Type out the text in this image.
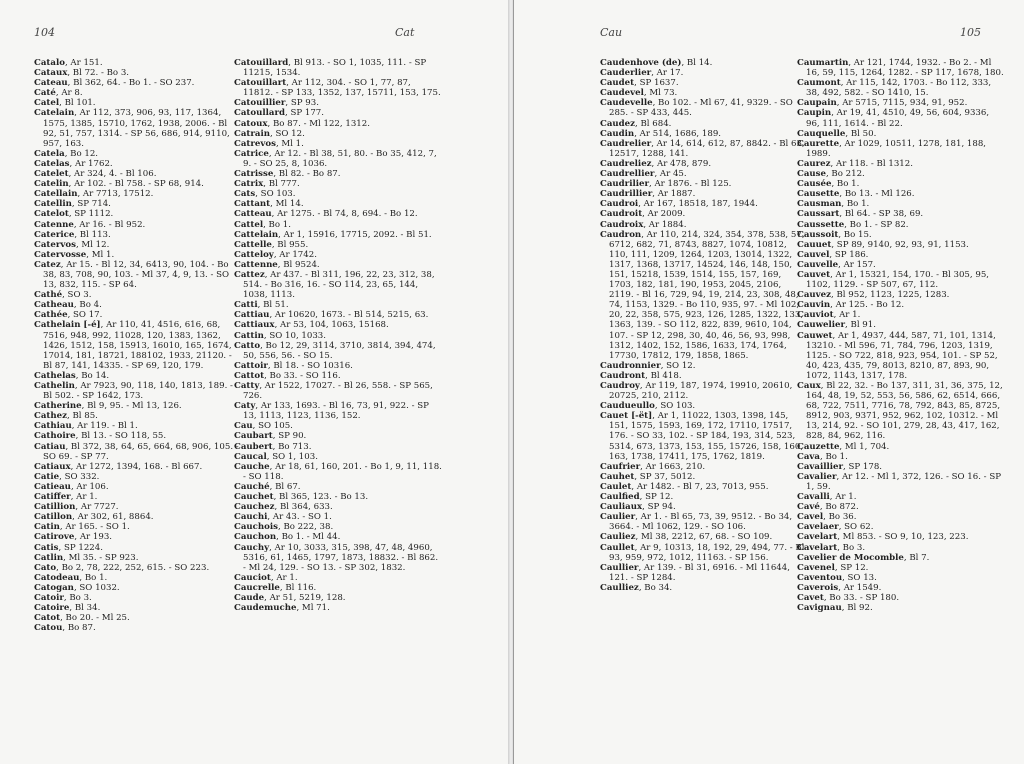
104	Cat

Catalo, Ar 151.

Cataux, Bl 72. - Bo 3.

Cateau, Bl 362, 64. - Bo 1. - SO 237.

Caté, Ar 8.

Catel, Bl 101.

Catelain, Ar 112, 373, 906, 93, 117, 1364, 1575, 1385, 15710, 1762, 1938, 2006. - Bl 92, 51, 757, 1314. - SP 56, 686, 914, 9110, 957, 163.

Catela, Bo 12.

Catelas, Ar 1762.

Catelet, Ar 324, 4. - Bl 106.

Catelin, Ar 102. - Bl 758. - SP 68, 914.

Catellain, Ar 7713, 17512.

Catellin, SP 714.

Catelot, SP 1112.

Catenne, Ar 16. - Bl 952.

Caterice, Bl 113.

Catervos, Ml 12.

Catervosse, Ml 1.

Catez, Ar 15. - Bl 12, 34, 6413, 90, 104. - Bo 38, 83, 708, 90, 103. - Ml 37, 4, 9, 13. - SO 13, 832, 115. - SP 64.

Cathé, SO 3.

Catheau, Bo 4.

Cathée, SO 17.

Cathelain [-é], Ar 110, 41, 4516, 616, 68, 7516, 948, 992, 11028, 120, 1383, 1362, 1426, 1512, 158, 15913, 16010, 165, 1674, 17014, 181, 18721, 188102, 1933, 21120. - Bl 87, 141, 14335. - SP 69, 120, 179.

Cathelas, Bo 14.

Cathelin, Ar 7923, 90, 118, 140, 1813, 189. - Bl 502. - SP 1642, 173.

Catherine, Bl 9, 95. - Ml 13, 126.

Cathez, Bl 85.

Cathiau, Ar 119. - Bl 1.

Cathoire, Bl 13. - SO 118, 55.

Catiau, Bl 372, 38, 64, 65, 664, 68, 906, 105. - SO 69. - SP 77.

Catiaux, Ar 1272, 1394, 168. - Bl 667.

Catie, SO 332.

Catieau, Ar 106.

Catiffer, Ar 1.

Catillion, Ar 7727.

Catillon, Ar 302, 61, 8864.

Catin, Ar 165. - SO 1.

Catirove, Ar 193.

Catis, SP 1224.

Catlin, Ml 35. - SP 923.

Cato, Bo 2, 78, 222, 252, 615. - SO 223.

Catodeau, Bo 1.

Catogan, SO 1032.

Catoir, Bo 3.

Catoire, Bl 34.

Catot, Bo 20. - Ml 25.

Catou, Bo 87.

Catouillard, Bl 913. - SO 1, 1035, 111. - SP 11215, 1534.

Catouillart, Ar 112, 304. - SO 1, 77, 87, 11812. - SP 133, 1352, 137, 15711, 153, 175.

Catouillier, SP 93.

Catoullard, SP 177.

Catoux, Bo 87. - Ml 122, 1312.

Catrain, SO 12.

Catrevos, Ml 1.

Catrice, Ar 12. - Bl 38, 51, 80. - Bo 35, 412, 7, 9. - SO 25, 8, 1036.

Catrisse, Bl 82. - Bo 87.

Catrix, Bl 777.

Cats, SO 103.

Cattant, Ml 14.

Catteau, Ar 1275. - Bl 74, 8, 694. - Bo 12.

Cattel, Bo 1.

Cattelain, Ar 1, 15916, 17715, 2092. - Bl 51.

Cattelle, Bl 955.

Catteloy, Ar 1742.

Cattenne, Bl 9524.

Cattez, Ar 437. - Bl 311, 196, 22, 23, 312, 38, 514. - Bo 316, 16. - SO 114, 23, 65, 144, 1038, 1113.

Catti, Bl 51.

Cattiau, Ar 10620, 1673. - Bl 514, 5215, 63.

Cattiaux, Ar 53, 104, 1063, 15168.

Cattin, SO 10, 1033.

Catto, Bo 12, 29, 3114, 3710, 3814, 394, 474, 50, 556, 56. - SO 15.

Cattoir, Bl 18. - SO 10316.

Cattot, Bo 33. - SO 116.

Catty, Ar 1522, 17027. - Bl 26, 558. - SP 565, 726.

Caty, Ar 133, 1693. - Bl 16, 73, 91, 922. - SP 13, 1113, 1123, 1136, 152.

Cau, SO 105.

Caubart, SP 90.

Caubert, Bo 713.

Caucal, SO 1, 103.

Cauche, Ar 18, 61, 160, 201. - Bo 1, 9, 11, 118. - SO 118.

Cauché, Bl 67.

Cauchet, Bl 365, 123. - Bo 13.

Cauchez, Bl 364, 633.

Cauchi, Ar 43. - SO 1.

Cauchois, Bo 222, 38.

Cauchon, Bo 1. - Ml 44.

Cauchy, Ar 10, 3033, 315, 398, 47, 48, 4960, 5316, 61, 1465, 1797, 1873, 18832. - Bl 862. - Ml 24, 129. - SO 13. - SP 302, 1832.

Cauciot, Ar 1.

Caucrelle, Bl 116.

Caude, Ar 51, 5219, 128.

Caudemuche, Ml 71.

Cau	105

Caudenhove (de), Bl 14.

Cauderlier, Ar 17.

Caudet, SP 1637.

Caudevel, Ml 73.

Caudevelle, Bo 102. - Ml 67, 41, 9329. - SO 285. - SP 433, 445.

Caudez, Bl 684.

Caudin, Ar 514, 1686, 189.

Caudrelier, Ar 14, 614, 612, 87, 8842. - Bl 63, 12517, 1288, 141.

Caudreliez, Ar 478, 879.

Caudrellier, Ar 45.

Caudrilier, Ar 1876. - Bl 125.

Caudrillier, Ar 1887.

Caudroi, Ar 167, 18518, 187, 1944.

Caudroit, Ar 2009.

Caudroix, Ar 1884.

Caudron, Ar 110, 214, 324, 354, 378, 538, 57, 6712, 682, 71, 8743, 8827, 1074, 10812, 110, 111, 1209, 1264, 1203, 13014, 1322, 1317, 1368, 13717, 14524, 146, 148, 150, 151, 15218, 1539, 1514, 155, 157, 169, 1703, 182, 181, 190, 1953, 2045, 2106, 2119. - Bl 16, 729, 94, 19, 214, 23, 308, 48, 74, 1153, 1329. - Bo 110, 935, 97. - Ml 102, 20, 22, 358, 575, 923, 126, 1285, 1322, 133, 1363, 139. - SO 112, 822, 839, 9610, 104, 107. - SP 12, 298, 30, 40, 46, 56, 93, 998, 1312, 1402, 152, 1586, 1633, 174, 1764, 17730, 17812, 179, 1858, 1865.

Caudronnier, SO 12.

Caudront, Bl 418.

Caudroy, Ar 119, 187, 1974, 19910, 20610, 20725, 210, 2112.

Caudueullo, SO 103.

Cauet [-ët], Ar 1, 11022, 1303, 1398, 145, 151, 1575, 1593, 169, 172, 17110, 17517, 176. - SO 33, 102. - SP 184, 193, 314, 523, 5314, 673, 1373, 153, 155, 15726, 158, 160, 163, 1738, 17411, 175, 1762, 1819.

Caufrier, Ar 1663, 210.

Cauhet, SP 37, 5012.

Caulet, Ar 1482. - Bl 7, 23, 7013, 955.

Caulfied, SP 12.

Cauliaux, SP 94.

Caulier, Ar 1. - Bl 65, 73, 39, 9512. - Bo 34, 3664. - Ml 1062, 129. - SO 106.

Cauliez, Ml 38, 2212, 67, 68. - SO 109.

Caullet, Ar 9, 10313, 18, 192, 29, 494, 77. - Bl 93, 959, 972, 1012, 11163. - SP 156.

Caullier, Ar 139. - Bl 31, 6916. - Ml 11644, 121. - SP 1284.

Caulliez, Bo 34.

Caumartin, Ar 121, 1744, 1932. - Bo 2. - Ml 16, 59, 115, 1264, 1282. - SP 117, 1678, 180.

Caumont, Ar 115, 142, 1703. - Bo 112, 333, 38, 492, 582. - SO 1410, 15.

Caupain, Ar 5715, 7115, 934, 91, 952.

Caupin, Ar 19, 41, 4510, 49, 56, 604, 9336, 96, 111, 1614. - Bl 22.

Cauquelle, Bl 50.

Caurette, Ar 1029, 10511, 1278, 181, 188, 1989.

Caurez, Ar 118. - Bl 1312.

Cause, Bo 212.

Causée, Bo 1.

Causette, Bo 13. - Ml 126.

Causman, Bo 1.

Caussart, Bl 64. - SP 38, 69.

Caussette, Bo 1. - SP 82.

Caussoit, Bo 15.

Cauuet, SP 89, 9140, 92, 93, 91, 1153.

Cauvel, SP 186.

Cauvelle, Ar 157.

Cauvet, Ar 1, 15321, 154, 170. - Bl 305, 95, 1102, 1129. - SP 507, 67, 112.

Cauvez, Bl 952, 1123, 1225, 1283.

Cauvin, Ar 125. - Bo 12.

Cauviot, Ar 1.

Cauwelier, Bl 91.

Cauwet, Ar 1, 4937, 444, 587, 71, 101, 1314, 13210. - Ml 596, 71, 784, 796, 1203, 1319, 1125. - SO 722, 818, 923, 954, 101. - SP 52, 40, 423, 435, 79, 8013, 8210, 87, 893, 90, 1072, 1143, 1317, 178.

Caux, Bl 22, 32. - Bo 137, 311, 31, 36, 375, 12, 164, 48, 19, 52, 553, 56, 586, 62, 6514, 666, 68, 722, 7511, 7716, 78, 792, 843, 85, 8725, 8912, 903, 9371, 952, 962, 102, 10312. - Ml 13, 214, 92. - SO 101, 279, 28, 43, 417, 162, 828, 84, 962, 116.

Cauzette, Ml 1, 704.

Cava, Bo 1.

Cavaillier, SP 178.

Cavalier, Ar 12. - Ml 1, 372, 126. - SO 16. - SP 1, 59.

Cavalli, Ar 1.

Cavé, Bo 872.

Cavel, Bo 36.

Cavelaer, SO 62.

Cavelart, Ml 853. - SO 9, 10, 123, 223.

Cavelart, Bo 3.

Cavelier de Mocomble, Bl 7.

Cavenel, SP 12.

Caventou, SO 13.

Caverois, Ar 1549.

Cavet, Bo 33. - SP 180.

Cavignau, Bl 92.
